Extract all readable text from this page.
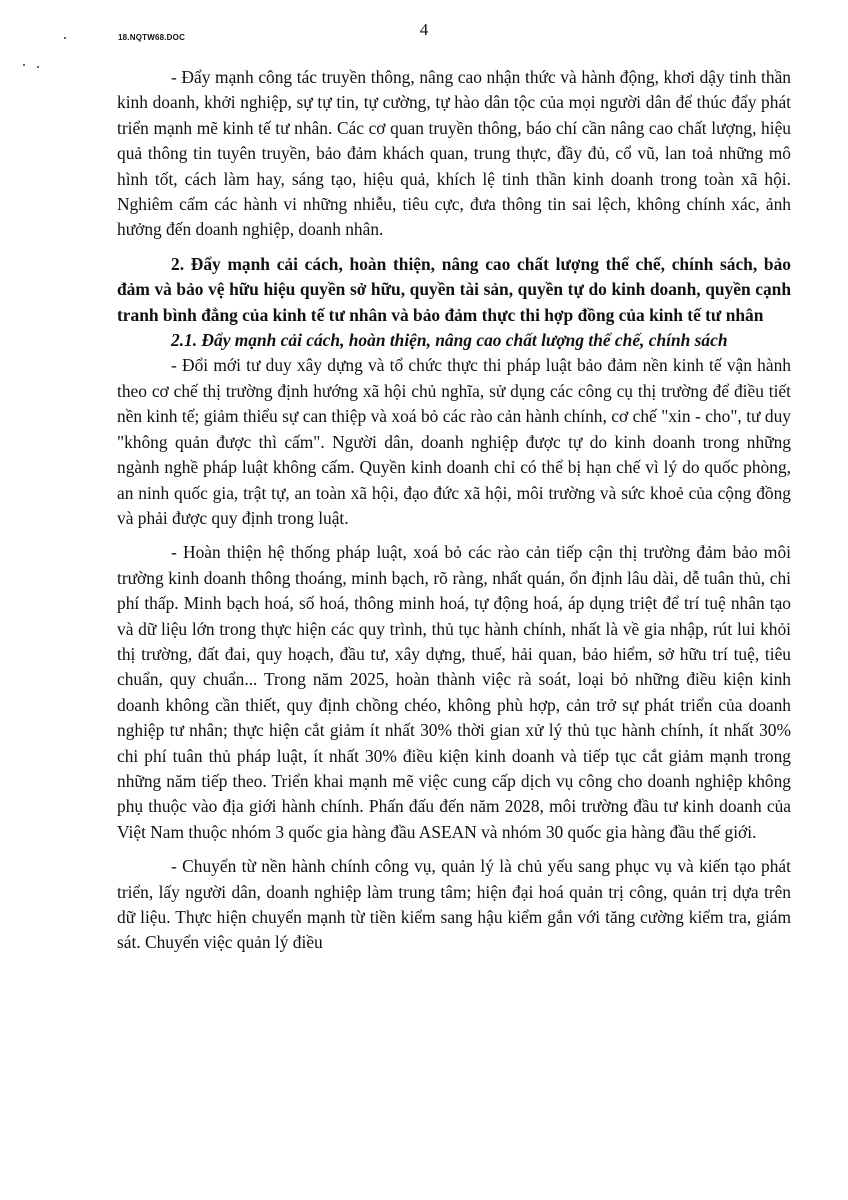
18.NQTW68.DOC	4

- Đẩy mạnh công tác truyền thông, nâng cao nhận thức và hành động, khơi dậy tinh thần kinh doanh, khởi nghiệp, sự tự tin, tự cường, tự hào dân tộc của mọi người dân để thúc đẩy phát triển mạnh mẽ kinh tế tư nhân. Các cơ quan truyền thông, báo chí cần nâng cao chất lượng, hiệu quả thông tin tuyên truyền, bảo đảm khách quan, trung thực, đầy đủ, cổ vũ, lan toả những mô hình tốt, cách làm hay, sáng tạo, hiệu quả, khích lệ tinh thần kinh doanh trong toàn xã hội. Nghiêm cấm các hành vi những nhiễu, tiêu cực, đưa thông tin sai lệch, không chính xác, ảnh hưởng đến doanh nghiệp, doanh nhân.

2. Đẩy mạnh cải cách, hoàn thiện, nâng cao chất lượng thể chế, chính sách, bảo đảm và bảo vệ hữu hiệu quyền sở hữu, quyền tài sản, quyền tự do kinh doanh, quyền cạnh tranh bình đẳng của kinh tế tư nhân và bảo đảm thực thi hợp đồng của kinh tế tư nhân

2.1. Đẩy mạnh cải cách, hoàn thiện, nâng cao chất lượng thể chế, chính sách

- Đổi mới tư duy xây dựng và tổ chức thực thi pháp luật bảo đảm nền kinh tế vận hành theo cơ chế thị trường định hướng xã hội chủ nghĩa, sử dụng các công cụ thị trường để điều tiết nền kinh tế; giảm thiểu sự can thiệp và xoá bỏ các rào cản hành chính, cơ chế "xin - cho", tư duy "không quản được thì cấm". Người dân, doanh nghiệp được tự do kinh doanh trong những ngành nghề pháp luật không cấm. Quyền kinh doanh chỉ có thể bị hạn chế vì lý do quốc phòng, an ninh quốc gia, trật tự, an toàn xã hội, đạo đức xã hội, môi trường và sức khoẻ của cộng đồng và phải được quy định trong luật.

- Hoàn thiện hệ thống pháp luật, xoá bỏ các rào cản tiếp cận thị trường đảm bảo môi trường kinh doanh thông thoáng, minh bạch, rõ ràng, nhất quán, ổn định lâu dài, dễ tuân thủ, chi phí thấp. Minh bạch hoá, số hoá, thông minh hoá, tự động hoá, áp dụng triệt để trí tuệ nhân tạo và dữ liệu lớn trong thực hiện các quy trình, thủ tục hành chính, nhất là về gia nhập, rút lui khỏi thị trường, đất đai, quy hoạch, đầu tư, xây dựng, thuế, hải quan, bảo hiểm, sở hữu trí tuệ, tiêu chuẩn, quy chuẩn... Trong năm 2025, hoàn thành việc rà soát, loại bỏ những điều kiện kinh doanh không cần thiết, quy định chồng chéo, không phù hợp, cản trở sự phát triển của doanh nghiệp tư nhân; thực hiện cắt giảm ít nhất 30% thời gian xử lý thủ tục hành chính, ít nhất 30% chi phí tuân thủ pháp luật, ít nhất 30% điều kiện kinh doanh và tiếp tục cắt giảm mạnh trong những năm tiếp theo. Triển khai mạnh mẽ việc cung cấp dịch vụ công cho doanh nghiệp không phụ thuộc vào địa giới hành chính. Phấn đấu đến năm 2028, môi trường đầu tư kinh doanh của Việt Nam thuộc nhóm 3 quốc gia hàng đầu ASEAN và nhóm 30 quốc gia hàng đầu thế giới.

- Chuyển từ nền hành chính công vụ, quản lý là chủ yếu sang phục vụ và kiến tạo phát triển, lấy người dân, doanh nghiệp làm trung tâm; hiện đại hoá quản trị công, quản trị dựa trên dữ liệu. Thực hiện chuyển mạnh từ tiền kiểm sang hậu kiểm gắn với tăng cường kiểm tra, giám sát. Chuyển việc quản lý điều
